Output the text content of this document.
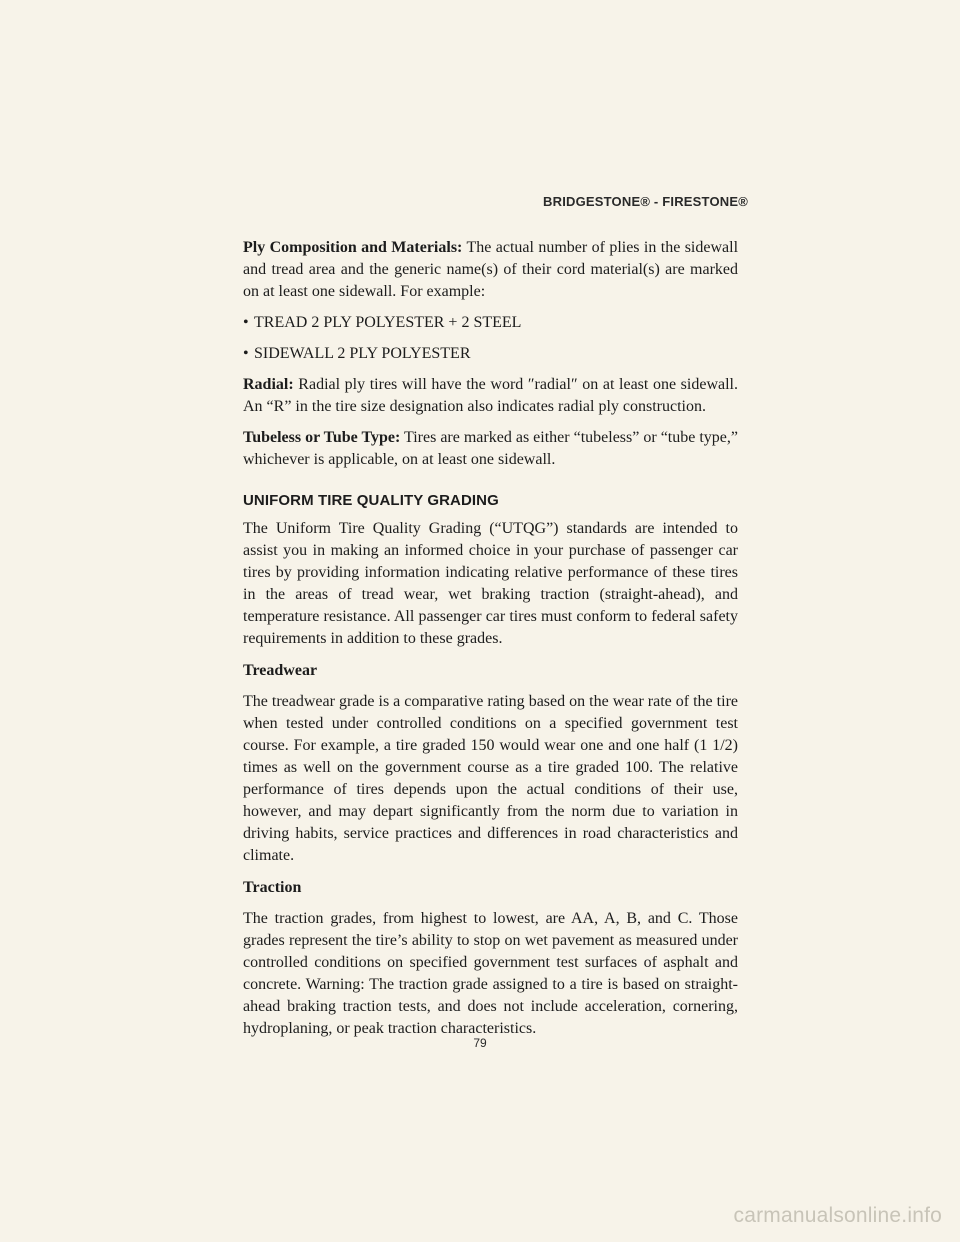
BRIDGESTONE® - FIRESTONE®

Ply Composition and Materials: The actual number of plies in the sidewall and tread area and the generic name(s) of their cord material(s) are marked on at least one sidewall. For example:

• TREAD 2 PLY POLYESTER + 2 STEEL
• SIDEWALL 2 PLY POLYESTER

Radial: Radial ply tires will have the word ″radial″ on at least one sidewall. An “R” in the tire size designation also indicates radial ply construction.

Tubeless or Tube Type: Tires are marked as either “tubeless” or “tube type,” whichever is applicable, on at least one sidewall.

UNIFORM TIRE QUALITY GRADING

The Uniform Tire Quality Grading (“UTQG”) standards are intended to assist you in making an informed choice in your purchase of passenger car tires by providing information indicating relative performance of these tires in the areas of tread wear, wet braking traction (straight-ahead), and temperature resistance. All passenger car tires must conform to federal safety requirements in addition to these grades.

Treadwear

The treadwear grade is a comparative rating based on the wear rate of the tire when tested under controlled conditions on a specified government test course. For example, a tire graded 150 would wear one and one half (1 1/2) times as well on the government course as a tire graded 100. The relative performance of tires depends upon the actual conditions of their use, however, and may depart significantly from the norm due to variation in driving habits, service practices and differences in road characteristics and climate.

Traction

The traction grades, from highest to lowest, are AA, A, B, and C. Those grades represent the tire’s ability to stop on wet pavement as measured under controlled conditions on specified government test surfaces of asphalt and concrete. Warning: The traction grade assigned to a tire is based on straight-ahead braking traction tests, and does not include acceleration, cornering, hydroplaning, or peak traction characteristics.

79
carmanualsonline.info
